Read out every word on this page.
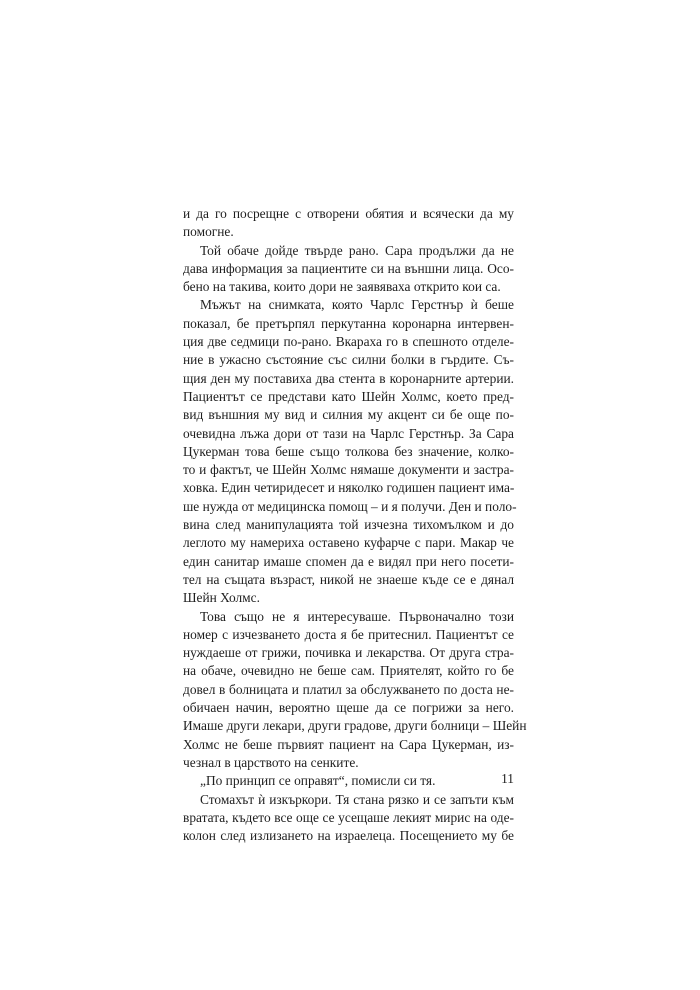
и да го посрещне с отворени обятия и всячески да му
помогне.
Той обаче дойде твърде рано. Сара продължи да не
дава информация за пациентите си на външни лица. Осо-
бено на такива, които дори не заявяваха открито кои са.
Мъжът на снимката, която Чарлс Герстнър ѝ беше
показал, бе претърпял перкутанна коронарна интервен-
ция две седмици по-рано. Вкараха го в спешното отделе-
ние в ужасно състояние със силни болки в гърдите. Съ-
щия ден му поставиха два стента в коронарните артерии.
Пациентът се представи като Шейн Холмс, което пред-
вид външния му вид и силния му акцент си бе още по-
очевидна лъжа дори от тази на Чарлс Герстнър. За Сара
Цукерман това беше също толкова без значение, колко-
то и фактът, че Шейн Холмс нямаше документи и застра-
ховка. Един четиридесет и няколко годишен пациент има-
ше нужда от медицинска помощ – и я получи. Ден и поло-
вина след манипулацията той изчезна тихомълком и до
леглото му намериха оставено куфарче с пари. Макар че
един санитар имаше спомен да е видял при него посети-
тел на същата възраст, никой не знаеше къде се е дянал
Шейн Холмс.
Това също не я интересуваше. Първоначално този
номер с изчезването доста я бе притеснил. Пациентът се
нуждаеше от грижи, почивка и лекарства. От друга стра-
на обаче, очевидно не беше сам. Приятелят, който го бе
довел в болницата и платил за обслужването по доста не-
обичаен начин, вероятно щеше да се погрижи за него.
Имаше други лекари, други градове, други болници – Шейн
Холмс не беше първият пациент на Сара Цукерман, из-
чезнал в царството на сенките.
„По принцип се оправят“, помисли си тя.
Стомахът ѝ изкъркори. Тя стана рязко и се запъти към
вратата, където все още се усещаше лекият мирис на оде-
колон след излизането на израелеца. Посещението му бе
11
